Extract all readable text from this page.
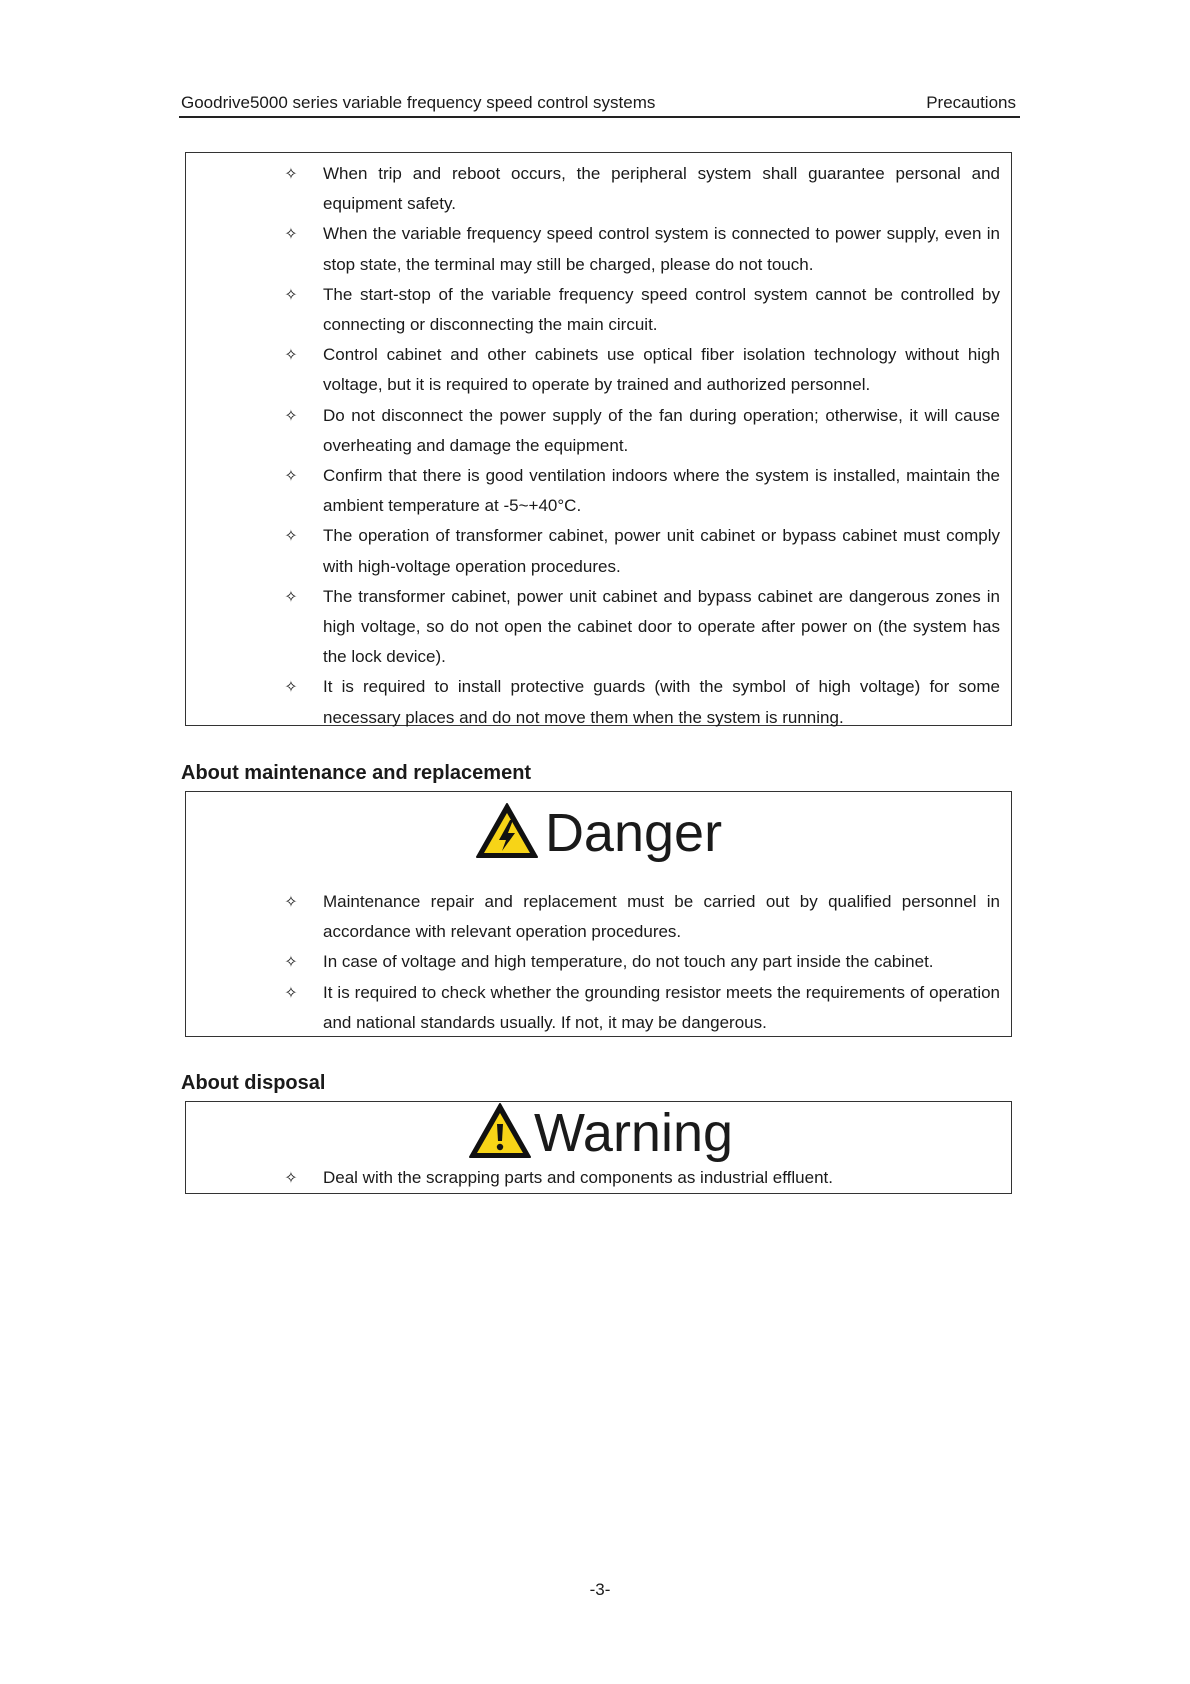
Goodrive5000 series variable frequency speed control systems	Precautions
✧ When trip and reboot occurs, the peripheral system shall guarantee personal and equipment safety.
✧ When the variable frequency speed control system is connected to power supply, even in stop state, the terminal may still be charged, please do not touch.
✧ The start-stop of the variable frequency speed control system cannot be controlled by connecting or disconnecting the main circuit.
✧ Control cabinet and other cabinets use optical fiber isolation technology without high voltage, but it is required to operate by trained and authorized personnel.
✧ Do not disconnect the power supply of the fan during operation; otherwise, it will cause overheating and damage the equipment.
✧ Confirm that there is good ventilation indoors where the system is installed, maintain the ambient temperature at -5~+40°C.
✧ The operation of transformer cabinet, power unit cabinet or bypass cabinet must comply with high-voltage operation procedures.
✧ The transformer cabinet, power unit cabinet and bypass cabinet are dangerous zones in high voltage, so do not open the cabinet door to operate after power on (the system has the lock device).
✧ It is required to install protective guards (with the symbol of high voltage) for some necessary places and do not move them when the system is running.
About maintenance and replacement
Danger
✧ Maintenance repair and replacement must be carried out by qualified personnel in accordance with relevant operation procedures.
✧ In case of voltage and high temperature, do not touch any part inside the cabinet.
✧ It is required to check whether the grounding resistor meets the requirements of operation and national standards usually. If not, it may be dangerous.
About disposal
Warning
✧ Deal with the scrapping parts and components as industrial effluent.
-3-
